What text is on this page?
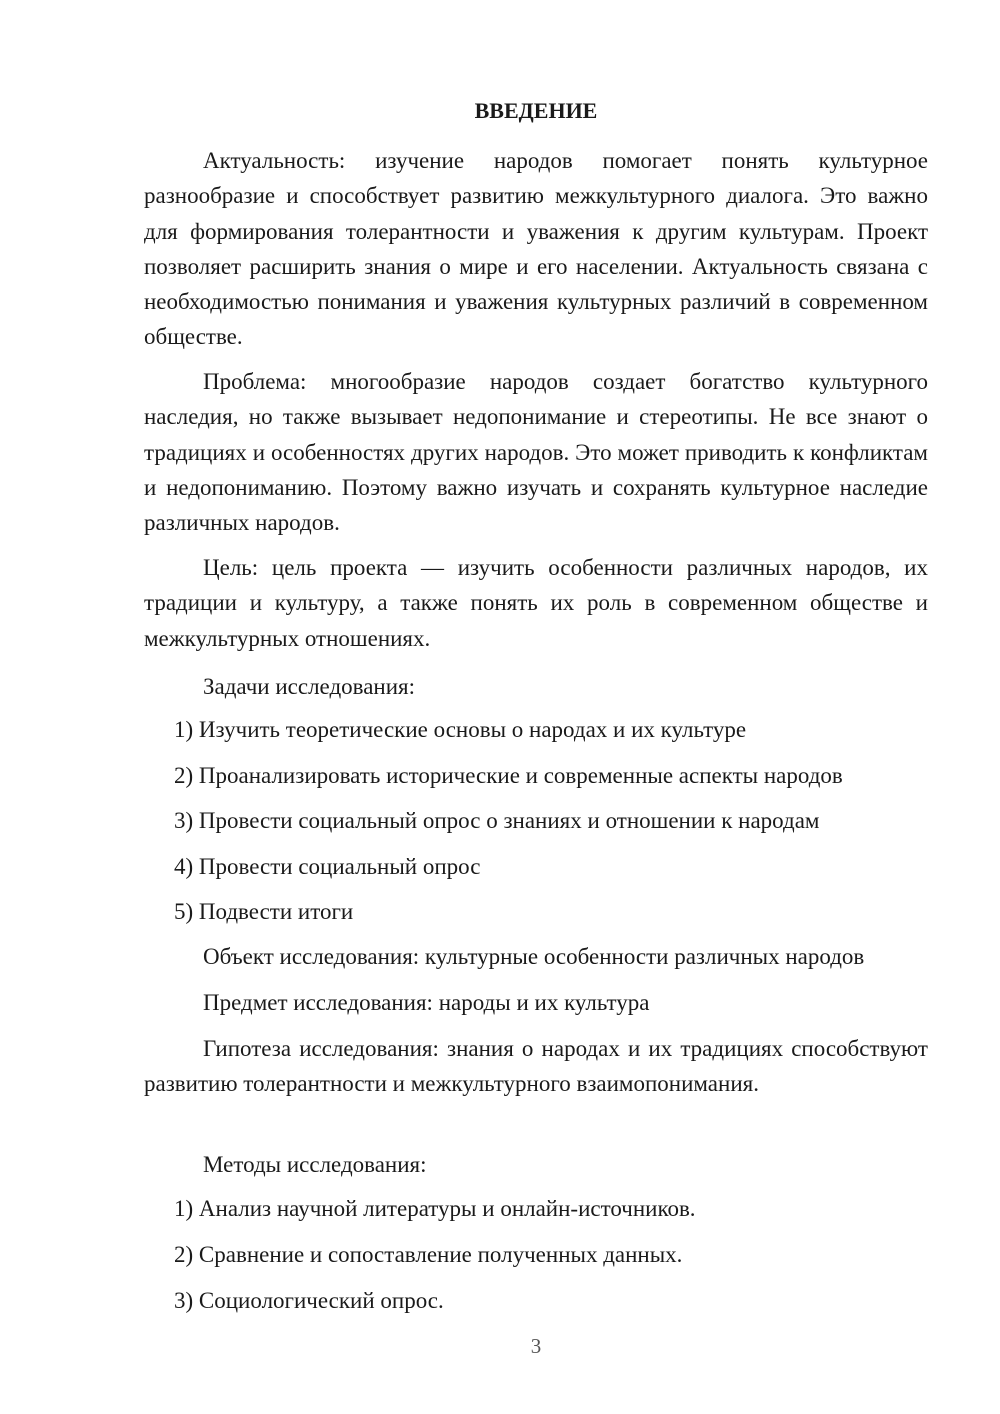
ВВЕДЕНИЕ

Актуальность: изучение народов помогает понять культурное разнообразие и способствует развитию межкультурного диалога. Это важно для формирования толерантности и уважения к другим культурам. Проект позволяет расширить знания о мире и его населении. Актуальность связана с необходимостью понимания и уважения культурных различий в современном обществе.

Проблема: многообразие народов создает богатство культурного наследия, но также вызывает недопонимание и стереотипы. Не все знают о традициях и особенностях других народов. Это может приводить к конфликтам и недопониманию. Поэтому важно изучать и сохранять культурное наследие различных народов.

Цель: цель проекта — изучить особенности различных народов, их традиции и культуру, а также понять их роль в современном обществе и межкультурных отношениях.

Задачи исследования:

1) Изучить теоретические основы о народах и их культуре

2) Проанализировать исторические и современные аспекты народов

3) Провести социальный опрос о знаниях и отношении к народам

4) Провести социальный опрос

5) Подвести итоги

Объект исследования: культурные особенности различных народов

Предмет исследования: народы и их культура

Гипотеза исследования: знания о народах и их традициях способствуют развитию толерантности и межкультурного взаимопонимания.

Методы исследования:

1) Анализ научной литературы и онлайн-источников.

2) Сравнение и сопоставление полученных данных.

3) Социологический опрос.

3
